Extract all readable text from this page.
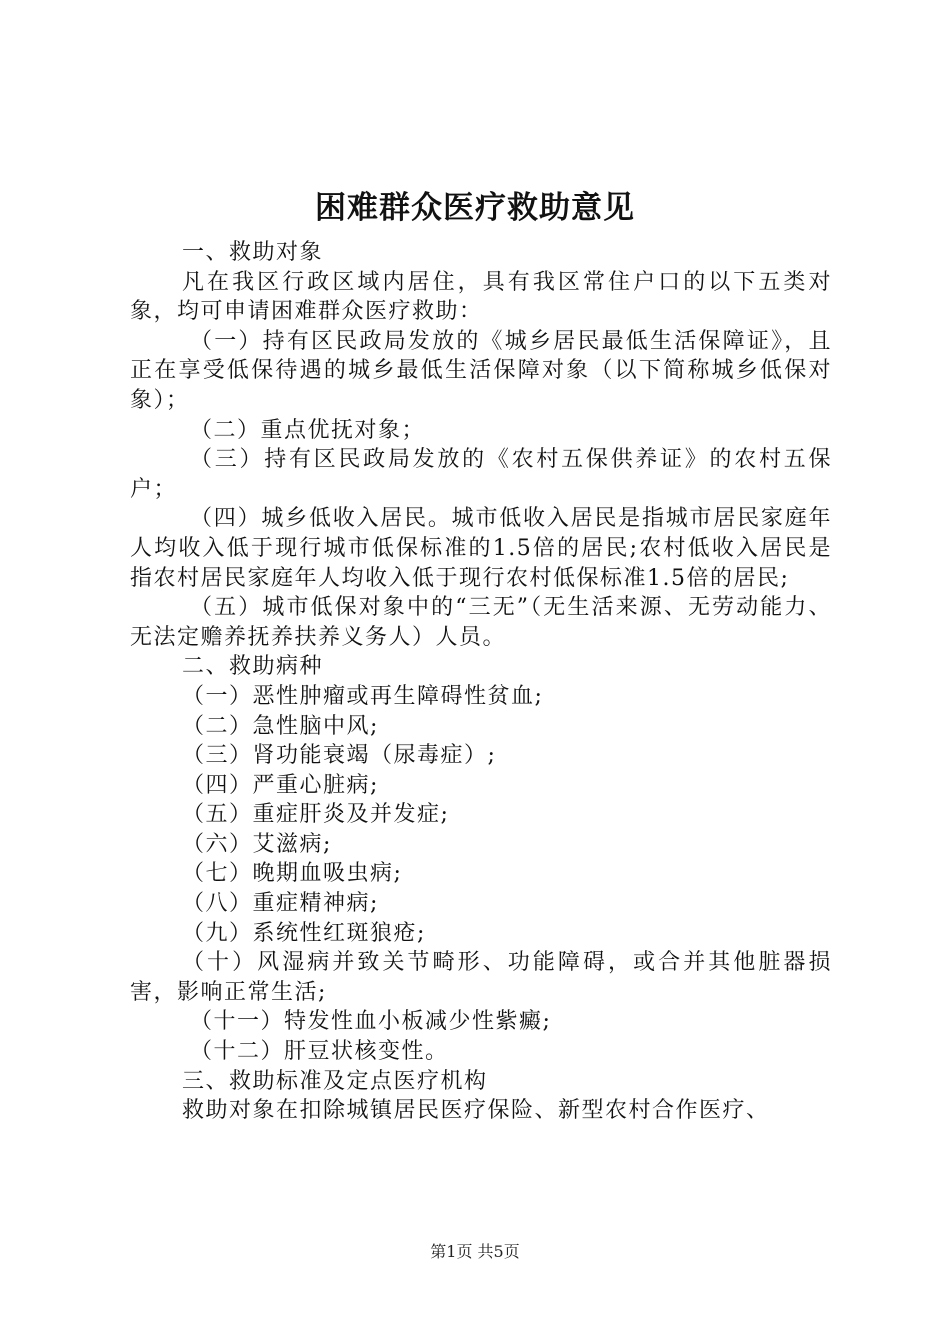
困难群众医疗救助意见

一、救助对象

凡在我区行政区域内居住，具有我区常住户口的以下五类对象，均可申请困难群众医疗救助：

（一）持有区民政局发放的《城乡居民最低生活保障证》，且正在享受低保待遇的城乡最低生活保障对象（以下简称城乡低保对象）；

（二）重点优抚对象；

（三）持有区民政局发放的《农村五保供养证》的农村五保户；

（四）城乡低收入居民。城市低收入居民是指城市居民家庭年人均收入低于现行城市低保标准的1.5倍的居民;农村低收入居民是指农村居民家庭年人均收入低于现行农村低保标准1.5倍的居民;

（五）城市低保对象中的“三无”（无生活来源、无劳动能力、无法定赡养抚养扶养义务人）人员。

二、救助病种

（一）恶性肿瘤或再生障碍性贫血;

（二）急性脑中风;

（三）肾功能衰竭（尿毒症）;

（四）严重心脏病;

（五）重症肝炎及并发症;

（六）艾滋病;

（七）晚期血吸虫病;

（八）重症精神病;

（九）系统性红斑狼疮;

（十）风湿病并致关节畸形、功能障碍，或合并其他脏器损害，影响正常生活;

（十一）特发性血小板减少性紫癜;

（十二）肝豆状核变性。

三、救助标准及定点医疗机构

救助对象在扣除城镇居民医疗保险、新型农村合作医疗、

第1页 共5页
